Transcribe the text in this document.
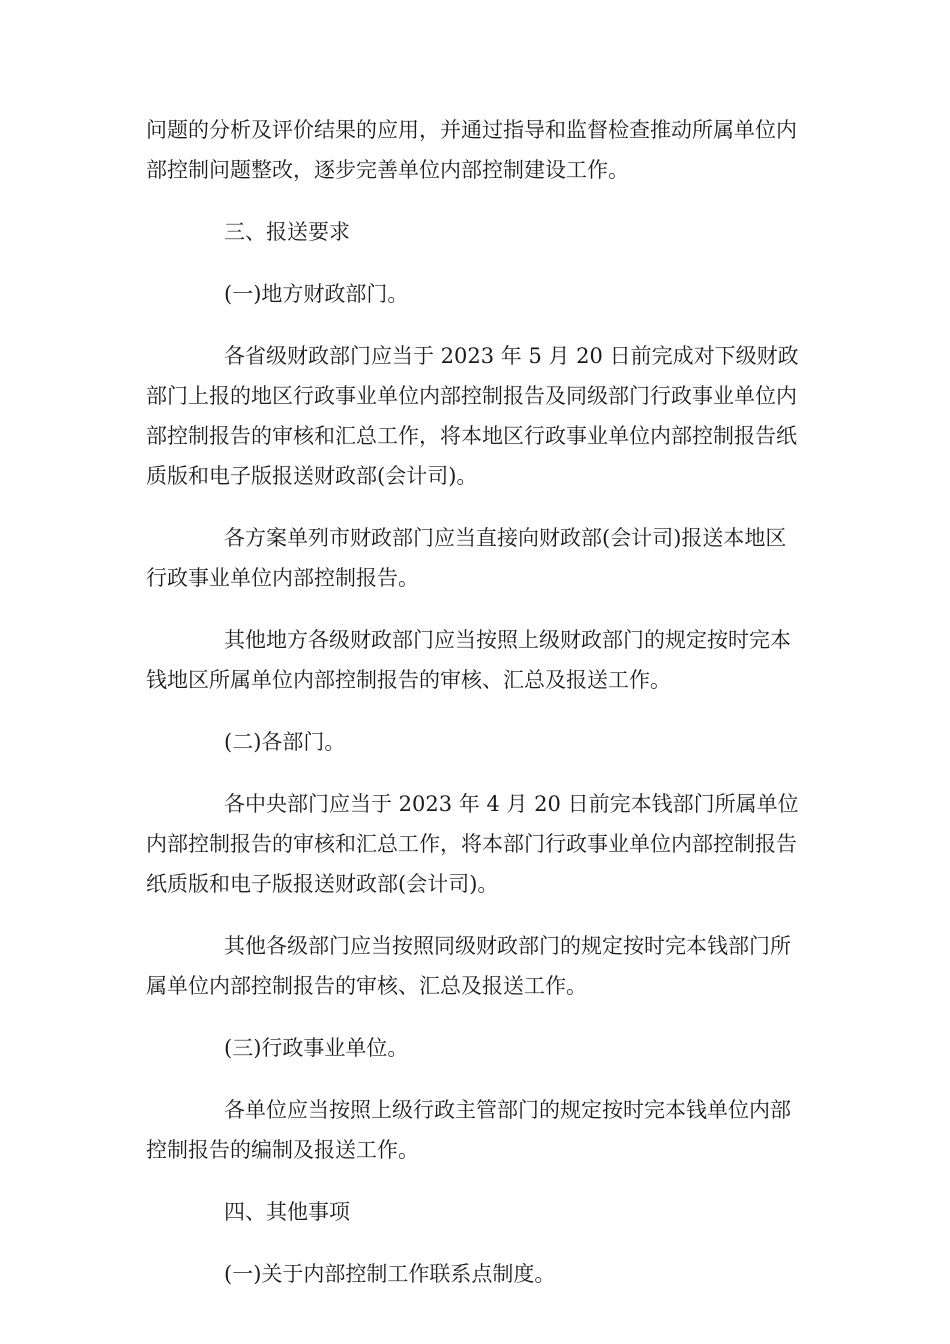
问题的分析及评价结果的应用，并通过指导和监督检查推动所属单位内部控制问题整改，逐步完善单位内部控制建设工作。

三、报送要求

(一)地方财政部门。

各省级财政部门应当于 2023 年 5 月 20 日前完成对下级财政部门上报的地区行政事业单位内部控制报告及同级部门行政事业单位内部控制报告的审核和汇总工作，将本地区行政事业单位内部控制报告纸质版和电子版报送财政部(会计司)。

各方案单列市财政部门应当直接向财政部(会计司)报送本地区行政事业单位内部控制报告。

其他地方各级财政部门应当按照上级财政部门的规定按时完本钱地区所属单位内部控制报告的审核、汇总及报送工作。

(二)各部门。

各中央部门应当于 2023 年 4 月 20 日前完本钱部门所属单位内部控制报告的审核和汇总工作，将本部门行政事业单位内部控制报告纸质版和电子版报送财政部(会计司)。

其他各级部门应当按照同级财政部门的规定按时完本钱部门所属单位内部控制报告的审核、汇总及报送工作。

(三)行政事业单位。

各单位应当按照上级行政主管部门的规定按时完本钱单位内部控制报告的编制及报送工作。

四、其他事项

(一)关于内部控制工作联系点制度。
